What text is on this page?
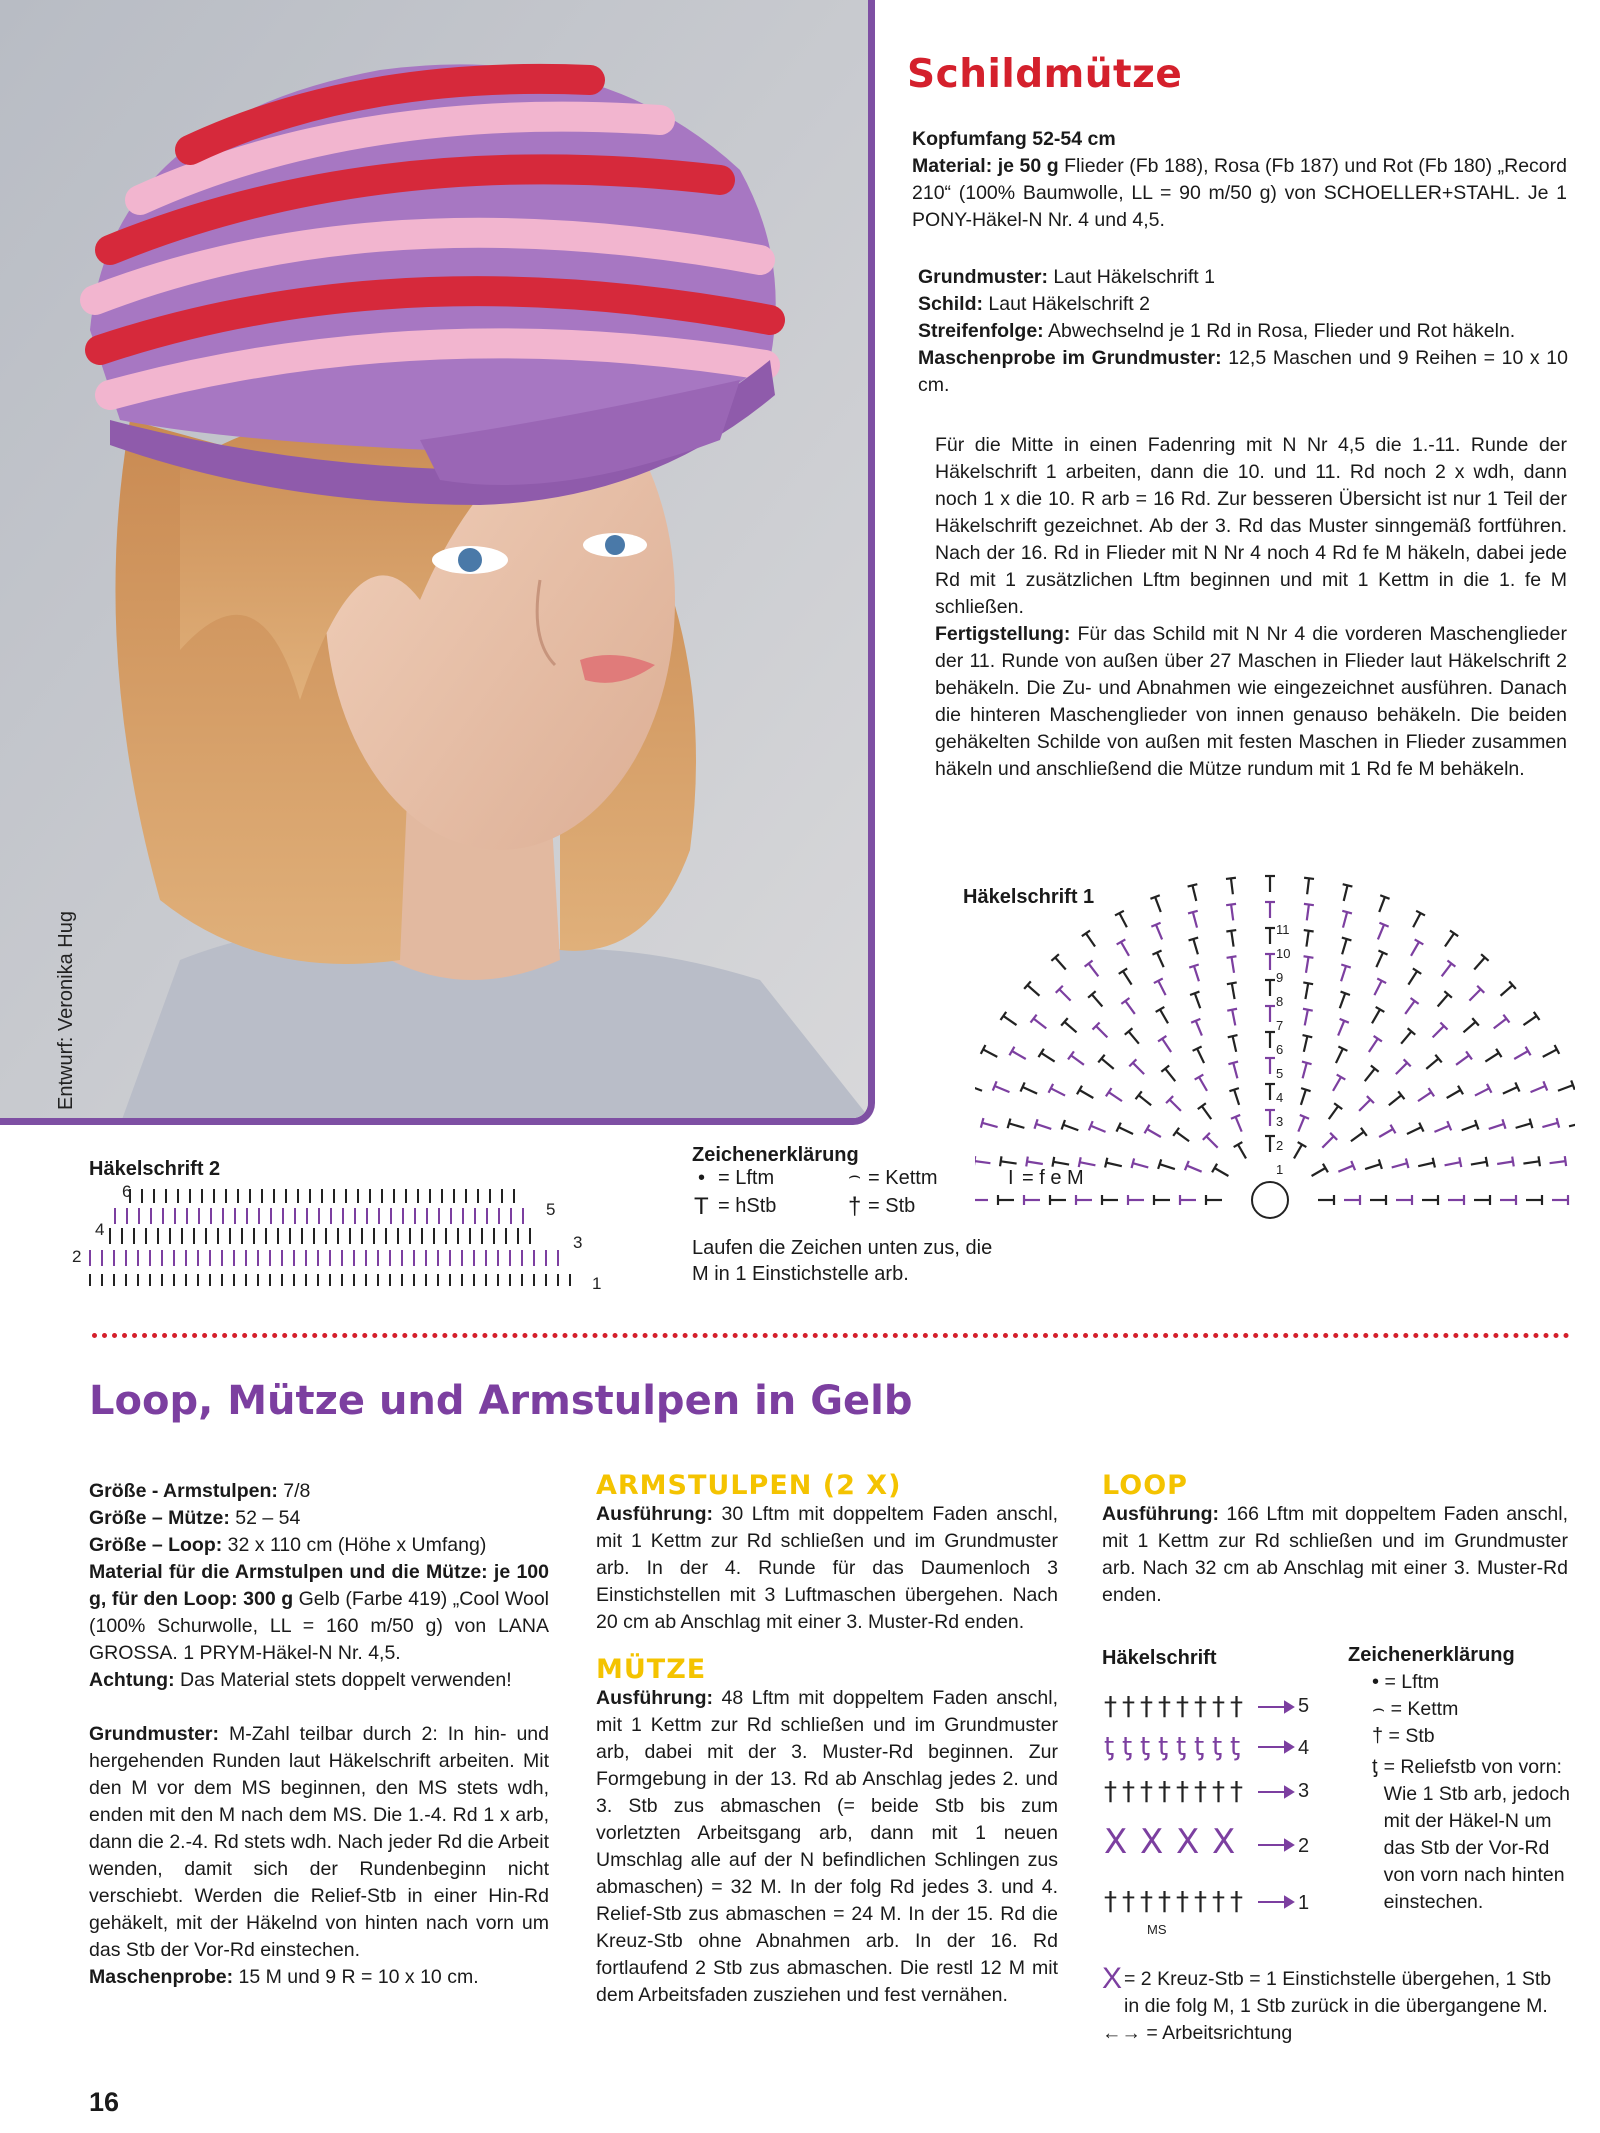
Entwurf: Veronika Hug
Schildmütze
Kopfumfang 52-54 cm
Material: je 50 g Flieder (Fb 188), Rosa (Fb 187) und Rot (Fb 180) „Record 210“ (100% Baumwolle, LL = 90 m/50 g) von SCHOELLER+STAHL. Je 1 PONY-Häkel-N Nr. 4 und 4,5.
Grundmuster: Laut Häkelschrift 1
Schild: Laut Häkelschrift 2
Streifenfolge: Abwechselnd je 1 Rd in Rosa, Flieder und Rot häkeln.
Maschenprobe im Grundmuster: 12,5 Maschen und 9 Reihen = 10 x 10 cm.
Für die Mitte in einen Fadenring mit N Nr 4,5 die 1.-11. Runde der Häkelschrift 1 arbeiten, dann die 10. und 11. Rd noch 2 x wdh, dann noch 1 x die 10. R arb = 16 Rd. Zur besseren Übersicht ist nur 1 Teil der Häkelschrift gezeichnet. Ab der 3. Rd das Muster sinngemäß fortführen. Nach der 16. Rd in Flieder mit N Nr 4 noch 4 Rd fe M häkeln, dabei jede Rd mit 1 zusätzlichen Lftm beginnen und mit 1 Kettm in die 1. fe M schließen.
Fertigstellung: Für das Schild mit N Nr 4 die vorderen Maschenglieder der 11. Runde von außen über 27 Maschen in Flieder laut Häkelschrift 2 behäkeln. Die Zu- und Abnahmen wie eingezeichnet ausführen. Danach die hinteren Maschenglieder von innen genauso behäkeln. Die beiden gehäkelten Schilde von außen mit festen Maschen in Flieder zusammen häkeln und anschließend die Mütze rundum mit 1 Rd fe M behäkeln.
Häkelschrift 1
1
2
3
4
5
6
7
8
9
10
11
Häkelschrift 2
1
2
3
4
5
6
Zeichenerklärung
• = Lftm	⌢ = Kettm	I = f e M
T = hStb	† = Stb
Laufen die Zeichen unten zus, die M in 1 Einstichstelle arb.
Loop, Mütze und Armstulpen in Gelb
Größe - Armstulpen: 7/8
Größe – Mütze: 52 – 54
Größe – Loop: 32 x 110 cm (Höhe x Umfang)
Material für die Armstulpen und die Mütze: je 100 g, für den Loop: 300 g Gelb (Farbe 419) „Cool Wool (100% Schurwolle, LL = 160 m/50 g) von LANA GROSSA. 1 PRYM-Häkel-N Nr. 4,5.
Achtung: Das Material stets doppelt verwenden!
Grundmuster: M-Zahl teilbar durch 2: In hin- und hergehenden Runden laut Häkelschrift arbeiten. Mit den M vor dem MS beginnen, den MS stets wdh, enden mit den M nach dem MS. Die 1.-4. Rd 1 x arb, dann die 2.-4. Rd stets wdh. Nach jeder Rd die Arbeit wenden, damit sich der Rundenbeginn nicht verschiebt. Werden die Relief-Stb in einer Hin-Rd gehäkelt, mit der Häkelnd von hinten nach vorn um das Stb der Vor-Rd einstechen.
Maschenprobe: 15 M und 9 R = 10 x 10 cm.
ARMSTULPEN (2 X)
Ausführung: 30 Lftm mit doppeltem Faden anschl, mit 1 Kettm zur Rd schließen und im Grundmuster arb. In der 4. Runde für das Daumenloch 3 Einstichstellen mit 3 Luftmaschen übergehen. Nach 20 cm ab Anschlag mit einer 3. Muster-Rd enden.
MÜTZE
Ausführung: 48 Lftm mit doppeltem Faden anschl, mit 1 Kettm zur Rd schließen und im Grundmuster arb, dabei mit der 3. Muster-Rd beginnen. Zur Formgebung in der 13. Rd ab Anschlag jedes 2. und 3. Stb zus abmaschen (= beide Stb bis zum vorletzten Arbeitsgang arb, dann mit 1 neuen Umschlag alle auf der N befindlichen Schlingen zus abmaschen) = 32 M. In der folg Rd jedes 3. und 4. Relief-Stb zus abmaschen = 24 M. In der 15. Rd die Kreuz-Stb ohne Abnahmen arb. In der 16. Rd fortlaufend 2 Stb zus abmaschen. Die restl 12 M mit dem Arbeitsfaden zusziehen und fest vernähen.
LOOP
Ausführung: 166 Lftm mit doppeltem Faden anschl, mit 1 Kettm zur Rd schließen und im Grundmuster arb. Nach 32 cm ab Anschlag mit einer 3. Muster-Rd enden.
Häkelschrift
† † † † † † † †
X X X X
† † † † † † † †
ƫ ƫ ƫ ƫ ƫ ƫ ƫ ƫ
† † † † † † † †
1
2
3
4
5
MS
Zeichenerklärung
• = Lftm
⌢ = Kettm
† = Stb
ƫ = Reliefstb von vorn: Wie 1 Stb arb, jedoch mit der Häkel-N um das Stb der Vor-Rd von vorn nach hinten einstechen.
X = 2 Kreuz-Stb = 1 Einstichstelle übergehen, 1 Stb in die folg M, 1 Stb zurück in die übergangene M.
←→ = Arbeitsrichtung
16
